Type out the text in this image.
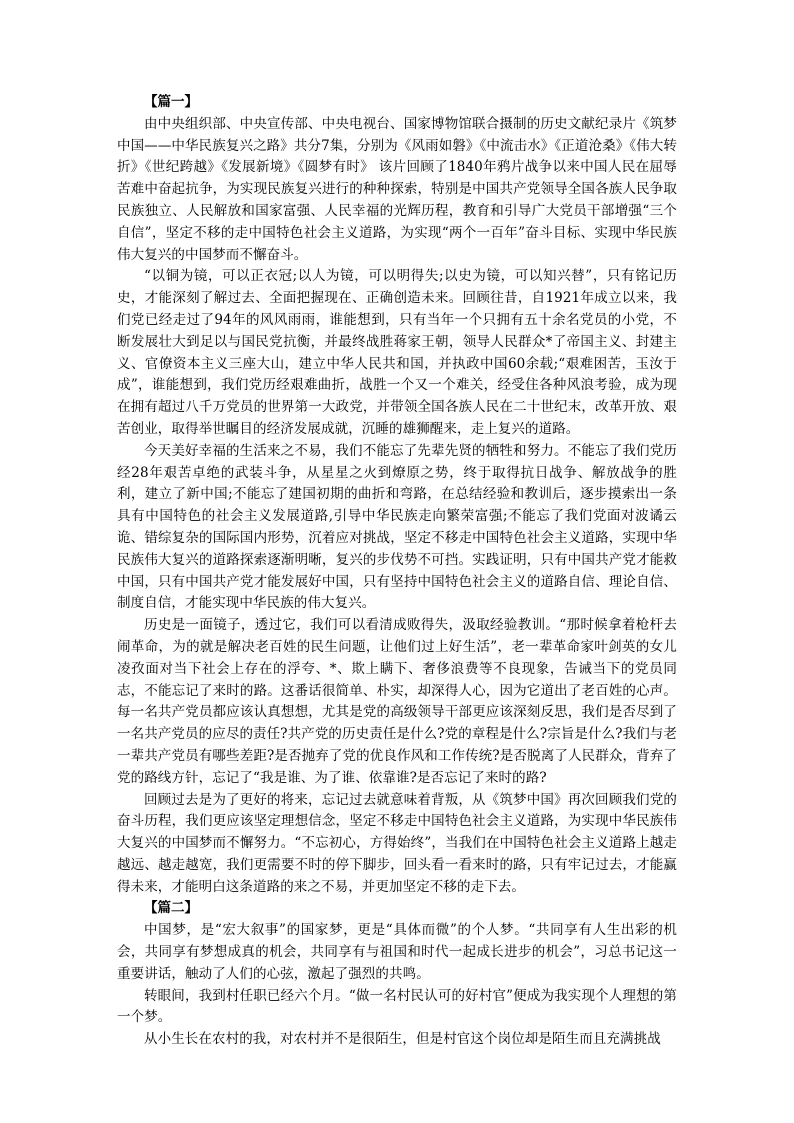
【篇一】

由中央组织部、中央宣传部、中央电视台、国家博物馆联合摄制的历史文献纪录片《筑梦中国——中华民族复兴之路》共分7集，分别为《风雨如磐》《中流击水》《正道沧桑》《伟大转折》《世纪跨越》《发展新境》《圆梦有时》 该片回顾了1840年鸦片战争以来中国人民在屈辱苦难中奋起抗争，为实现民族复兴进行的种种探索，特别是中国共产党领导全国各族人民争取民族独立、人民解放和国家富强、人民幸福的光辉历程，教育和引导广大党员干部增强“三个自信”，坚定不移的走中国特色社会主义道路，为实现“两个一百年”奋斗目标、实现中华民族伟大复兴的中国梦而不懈奋斗。

“以铜为镜，可以正衣冠;以人为镜，可以明得失;以史为镜，可以知兴替”，只有铭记历史，才能深刻了解过去、全面把握现在、正确创造未来。回顾往昔，自1921年成立以来，我们党已经走过了94年的风风雨雨，谁能想到，只有当年一个只拥有五十余名党员的小党，不断发展壮大到足以与国民党抗衡，并最终战胜蒋家王朝，领导人民群众*了帝国主义、封建主义、官僚资本主义三座大山，建立中华人民共和国，并执政中国60余载;“艰难困苦，玉汝于成”，谁能想到，我们党历经艰难曲折，战胜一个又一个难关，经受住各种风浪考验，成为现在拥有超过八千万党员的世界第一大政党，并带领全国各族人民在二十世纪末，改革开放、艰苦创业，取得举世瞩目的经济发展成就，沉睡的雄狮醒来，走上复兴的道路。

今天美好幸福的生活来之不易，我们不能忘了先辈先贤的牺牲和努力。不能忘了我们党历经28年艰苦卓绝的武装斗争，从星星之火到燎原之势，终于取得抗日战争、解放战争的胜利，建立了新中国;不能忘了建国初期的曲折和弯路，在总结经验和教训后，逐步摸索出一条具有中国特色的社会主义发展道路,引导中华民族走向繁荣富强;不能忘了我们党面对波谲云诡、错综复杂的国际国内形势，沉着应对挑战，坚定不移走中国特色社会主义道路，实现中华民族伟大复兴的道路探索逐渐明晰，复兴的步伐势不可挡。实践证明，只有中国共产党才能救中国，只有中国共产党才能发展好中国，只有坚持中国特色社会主义的道路自信、理论自信、制度自信，才能实现中华民族的伟大复兴。

历史是一面镜子，透过它，我们可以看清成败得失，汲取经验教训。“那时候拿着枪杆去闹革命，为的就是解决老百姓的民生问题，让他们过上好生活”，老一辈革命家叶剑英的女儿凌孜面对当下社会上存在的浮夸、*、欺上瞒下、奢侈浪费等不良现象，告诫当下的党员同志，不能忘记了来时的路。这番话很简单、朴实，却深得人心，因为它道出了老百姓的心声。每一名共产党员都应该认真想想，尤其是党的高级领导干部更应该深刻反思，我们是否尽到了一名共产党员的应尽的责任?共产党的历史责任是什么?党的章程是什么?宗旨是什么?我们与老一辈共产党员有哪些差距?是否抛弃了党的优良作风和工作传统?是否脱离了人民群众，背弃了党的路线方针，忘记了“我是谁、为了谁、依靠谁?是否忘记了来时的路?

回顾过去是为了更好的将来，忘记过去就意味着背叛，从《筑梦中国》再次回顾我们党的奋斗历程，我们更应该坚定理想信念，坚定不移走中国特色社会主义道路，为实现中华民族伟大复兴的中国梦而不懈努力。“不忘初心，方得始终”，当我们在中国特色社会主义道路上越走越远、越走越宽，我们更需要不时的停下脚步，回头看一看来时的路，只有牢记过去，才能赢得未来，才能明白这条道路的来之不易，并更加坚定不移的走下去。

【篇二】

中国梦，是“宏大叙事”的国家梦，更是“具体而微”的个人梦。“共同享有人生出彩的机会，共同享有梦想成真的机会，共同享有与祖国和时代一起成长进步的机会”，习总书记这一重要讲话，触动了人们的心弦，激起了强烈的共鸣。

转眼间，我到村任职已经六个月。“做一名村民认可的好村官”便成为我实现个人理想的第一个梦。

从小生长在农村的我，对农村并不是很陌生，但是村官这个岗位却是陌生而且充满挑战
